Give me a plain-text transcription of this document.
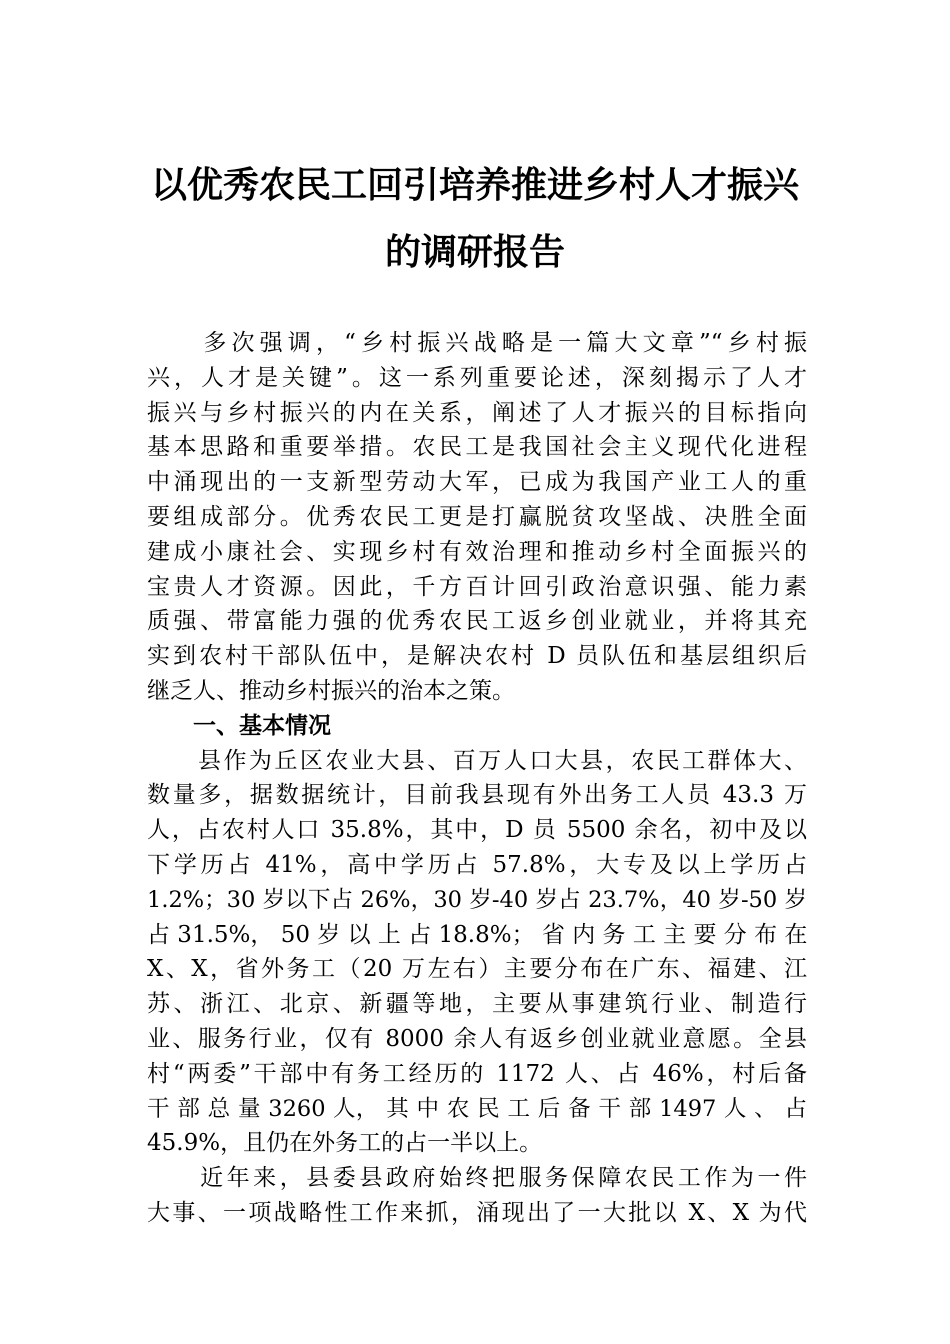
以优秀农民工回引培养推进乡村人才振兴
的调研报告
　　多次强调，“乡村振兴战略是一篇大文章”“乡村振
兴，人才是关键”。这一系列重要论述，深刻揭示了人才
振兴与乡村振兴的内在关系，阐述了人才振兴的目标指向
基本思路和重要举措。农民工是我国社会主义现代化进程
中涌现出的一支新型劳动大军，已成为我国产业工人的重
要组成部分。优秀农民工更是打赢脱贫攻坚战、决胜全面
建成小康社会、实现乡村有效治理和推动乡村全面振兴的
宝贵人才资源。因此，千方百计回引政治意识强、能力素
质强、带富能力强的优秀农民工返乡创业就业，并将其充
实到农村干部队伍中，是解决农村 D 员队伍和基层组织后
继乏人、推动乡村振兴的治本之策。
　　一、基本情况
　　县作为丘区农业大县、百万人口大县，农民工群体大、
数量多，据数据统计，目前我县现有外出务工人员 43.3 万
人，占农村人口 35.8%，其中，D 员 5500 余名，初中及以
下学历占 41%，高中学历占 57.8%，大专及以上学历占
1.2%；30 岁以下占 26%，30 岁-40 岁占 23.7%，40 岁-50 岁
占 31.5%， 50 岁 以 上 占 18.8%； 省 内 务 工 主 要 分 布 在
X、X，省外务工（20 万左右）主要分布在广东、福建、江
苏、浙江、北京、新疆等地，主要从事建筑行业、制造行
业、服务行业，仅有 8000 余人有返乡创业就业意愿。全县
村“两委”干部中有务工经历的 1172 人、占 46%，村后备
干 部 总 量 3260 人， 其 中 农 民 工 后 备 干 部 1497 人 、 占
45.9%，且仍在外务工的占一半以上。
　　近年来，县委县政府始终把服务保障农民工作为一件
大事、一项战略性工作来抓，涌现出了一大批以 X、X 为代
